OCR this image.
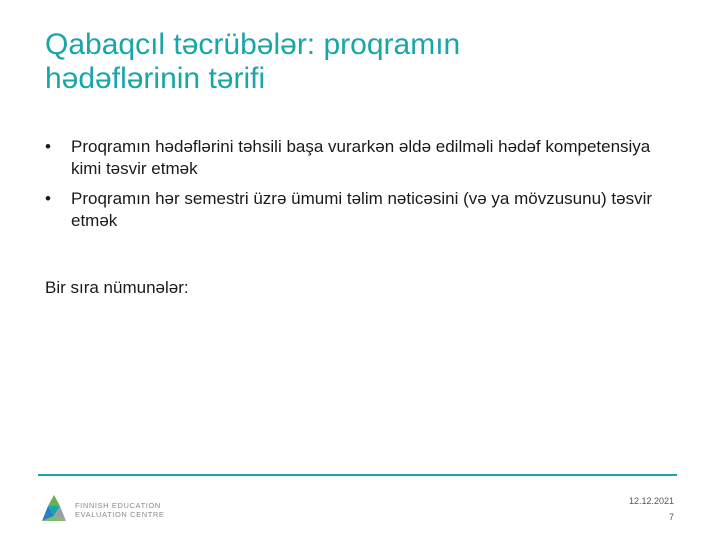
Qabaqcıl təcrübələr: proqramın
hədəflərinin tərifi
• Proqramın hədəflərini təhsili başa vurarkən əldə edilməli hədəf kompetensiya kimi təsvir etmək
• Proqramın hər semestri üzrə ümumi təlim nəticəsini (və ya mövzusunu) təsvir etmək
Bir sıra nümunələr:
FINNISH EDUCATION
EVALUATION CENTRE
12.12.2021
7
